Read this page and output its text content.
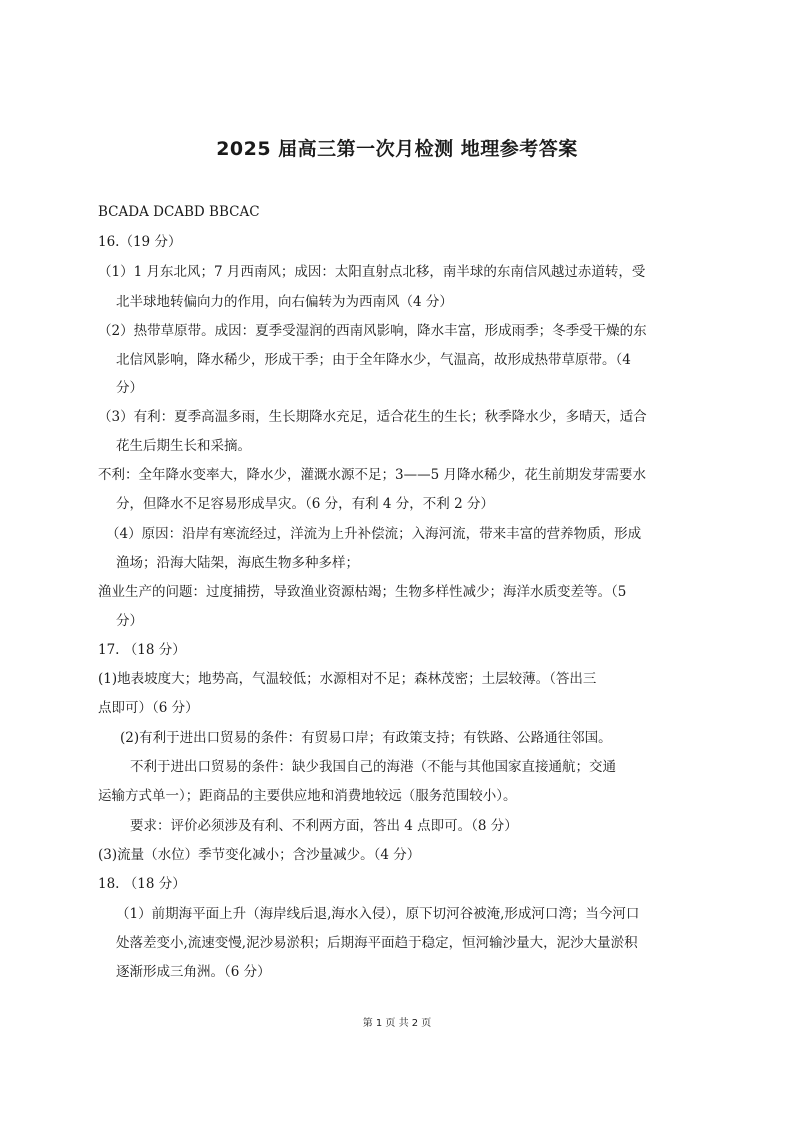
2025 届高三第一次月检测 地理参考答案
BCADA DCABD BBCAC
16.（19 分）
（1）1 月东北风；7 月西南风；成因：太阳直射点北移，南半球的东南信风越过赤道转，受
北半球地转偏向力的作用，向右偏转为为西南风（4 分）
（2）热带草原带。成因：夏季受湿润的西南风影响，降水丰富，形成雨季；冬季受干燥的东
北信风影响，降水稀少，形成干季；由于全年降水少，气温高，故形成热带草原带。（4
分）
（3）有利：夏季高温多雨，生长期降水充足，适合花生的生长；秋季降水少，多晴天，适合
花生后期生长和采摘。
不利：全年降水变率大，降水少，灌溉水源不足；3——5 月降水稀少，花生前期发芽需要水
分，但降水不足容易形成旱灾。（6 分，有利 4 分，不利 2 分）
（4）原因：沿岸有寒流经过，洋流为上升补偿流；入海河流，带来丰富的营养物质，形成
渔场；沿海大陆架，海底生物多种多样；
渔业生产的问题：过度捕捞，导致渔业资源枯竭；生物多样性减少；海洋水质变差等。（5
分）
17. （18 分）
(1)地表坡度大；地势高，气温较低；水源相对不足；森林茂密；土层较薄。（答出三
点即可）（6 分）
(2)有利于进出口贸易的条件：有贸易口岸；有政策支持；有铁路、公路通往邻国。
不利于进出口贸易的条件：缺少我国自己的海港（不能与其他国家直接通航；交通
运输方式单一）；距商品的主要供应地和消费地较远（服务范围较小）。
要求：评价必须涉及有利、不利两方面，答出 4 点即可。（8 分）
(3)流量（水位）季节变化减小；含沙量减少。（4 分）
18. （18 分）
（1）前期海平面上升（海岸线后退,海水入侵），原下切河谷被淹,形成河口湾；当今河口
处落差变小,流速变慢,泥沙易淤积；后期海平面趋于稳定，恒河输沙量大，泥沙大量淤积
逐渐形成三角洲。（6 分）
第 1 页 共 2 页
